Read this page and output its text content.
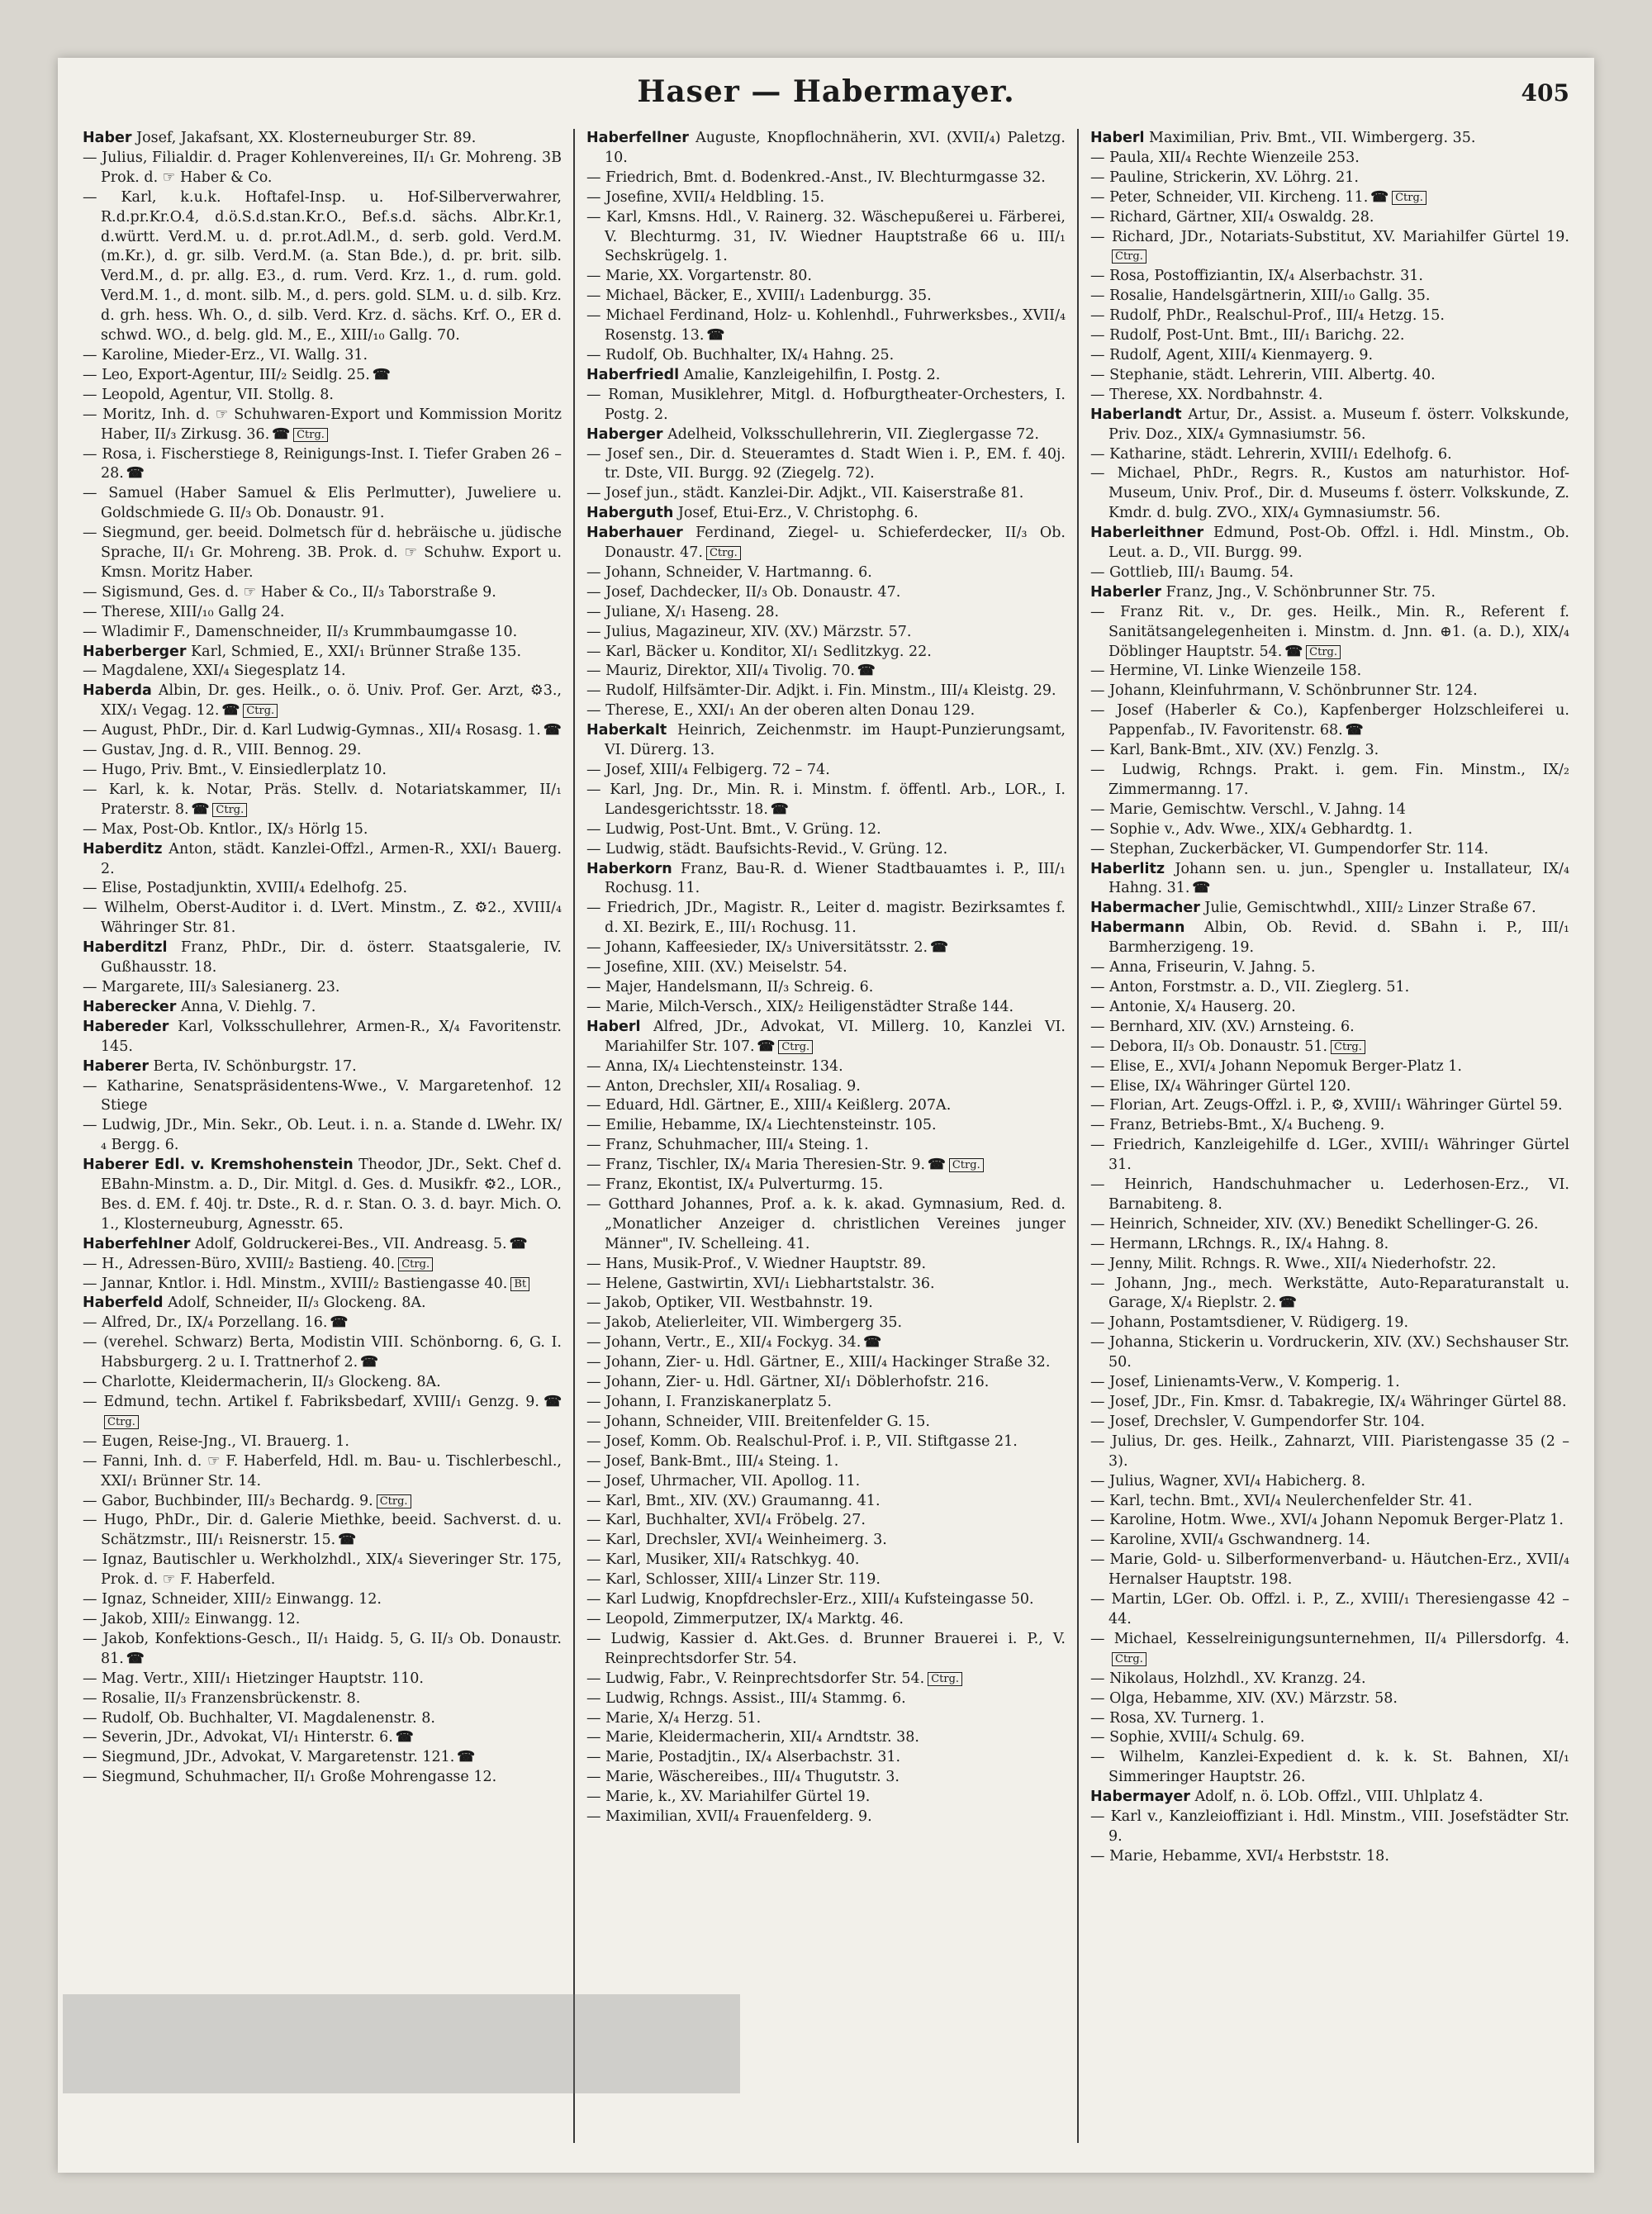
Haser — Habermayer.	405

Haber Josef, Jakafsant, XX. Klosterneuburger Str. 89.

— Julius, Filialdir. d. Prager Kohlenvereines, II/₁ Gr. Mohreng. 3B Prok. d. ☞ Haber & Co.

— Karl, k.u.k. Hoftafel-Insp. u. Hof-Silberverwahrer, R.d.pr.Kr.O.4, d.ö.S.d.stan.Kr.O., Bef.s.d. sächs. Albr.Kr.1, d.württ. Verd.M. u. d. pr.rot.Adl.M., d. serb. gold. Verd.M. (m.Kr.), d. gr. silb. Verd.M. (a. Stan Bde.), d. pr. brit. silb. Verd.M., d. pr. allg. E3., d. rum. Verd. Krz. 1., d. rum. gold. Verd.M. 1., d. mont. silb. M., d. pers. gold. SLM. u. d. silb. Krz. d. grh. hess. Wh. O., d. silb. Verd. Krz. d. sächs. Krf. O., ER d. schwd. WO., d. belg. gld. M., E., XIII/₁₀ Gallg. 70.

— Karoline, Mieder-Erz., VI. Wallg. 31.

— Leo, Export-Agentur, III/₂ Seidlg. 25. ☎

— Leopold, Agentur, VII. Stollg. 8.

— Moritz, Inh. d. ☞ Schuhwaren-Export und Kommission Moritz Haber, II/₃ Zirkusg. 36. ☎ Ctrg.

— Rosa, i. Fischerstiege 8, Reinigungs-Inst. I. Tiefer Graben 26 – 28. ☎

— Samuel (Haber Samuel & Elis Perlmutter), Juweliere u. Goldschmiede G. II/₃ Ob. Donaustr. 91.

— Siegmund, ger. beeid. Dolmetsch für d. hebräische u. jüdische Sprache, II/₁ Gr. Mohreng. 3B. Prok. d. ☞ Schuhw. Export u. Kmsn. Moritz Haber.

— Sigismund, Ges. d. ☞ Haber & Co., II/₃ Taborstraße 9.

— Therese, XIII/₁₀ Gallg 24.

— Wladimir F., Damenschneider, II/₃ Krummbaumgasse 10.

Haberberger Karl, Schmied, E., XXI/₁ Brünner Straße 135.

— Magdalene, XXI/₄ Siegesplatz 14.

Haberda Albin, Dr. ges. Heilk., o. ö. Univ. Prof. Ger. Arzt, ⚙3., XIX/₁ Vegag. 12. ☎ Ctrg.

— August, PhDr., Dir. d. Karl Ludwig-Gymnas., XII/₄ Rosasg. 1. ☎

— Gustav, Jng. d. R., VIII. Bennog. 29.

— Hugo, Priv. Bmt., V. Einsiedlerplatz 10.

— Karl, k. k. Notar, Präs. Stellv. d. Notariatskammer, II/₁ Praterstr. 8. ☎ Ctrg.

— Max, Post-Ob. Kntlor., IX/₃ Hörlg 15.

Haberditz Anton, städt. Kanzlei-Offzl., Armen-R., XXI/₁ Bauerg. 2.

— Elise, Postadjunktin, XVIII/₄ Edelhofg. 25.

— Wilhelm, Oberst-Auditor i. d. LVert. Minstm., Z. ⚙2., XVIII/₄ Währinger Str. 81.

Haberditzl Franz, PhDr., Dir. d. österr. Staatsgalerie, IV. Gußhausstr. 18.

— Margarete, III/₃ Salesianerg. 23.

Haberecker Anna, V. Diehlg. 7.

Habereder Karl, Volksschullehrer, Armen-R., X/₄ Favoritenstr. 145.

Haberer Berta, IV. Schönburgstr. 17.

— Katharine, Senatspräsidentens-Wwe., V. Margaretenhof. 12 Stiege

— Ludwig, JDr., Min. Sekr., Ob. Leut. i. n. a. Stande d. LWehr. IX/₄ Bergg. 6.

Haberer Edl. v. Kremshohenstein Theodor, JDr., Sekt. Chef d. EBahn-Minstm. a. D., Dir. Mitgl. d. Ges. d. Musikfr. ⚙2., LOR., Bes. d. EM. f. 40j. tr. Dste., R. d. r. Stan. O. 3. d. bayr. Mich. O. 1., Klosterneuburg, Agnesstr. 65.

Haberfehlner Adolf, Goldruckerei-Bes., VII. Andreasg. 5. ☎

— H., Adressen-Büro, XVIII/₂ Bastieng. 40. Ctrg.

— Jannar, Kntlor. i. Hdl. Minstm., XVIII/₂ Bastiengasse 40. Bt

Haberfeld Adolf, Schneider, II/₃ Glockeng. 8A.

— Alfred, Dr., IX/₄ Porzellang. 16. ☎

— (verehel. Schwarz) Berta, Modistin VIII. Schönborng. 6, G. I. Habsburgerg. 2 u. I. Trattnerhof 2. ☎

— Charlotte, Kleidermacherin, II/₃ Glockeng. 8A.

— Edmund, techn. Artikel f. Fabriksbedarf, XVIII/₁ Genzg. 9. ☎Ctrg.

— Eugen, Reise-Jng., VI. Brauerg. 1.

— Fanni, Inh. d. ☞ F. Haberfeld, Hdl. m. Bau- u. Tischlerbeschl., XXI/₁ Brünner Str. 14.

— Gabor, Buchbinder, III/₃ Bechardg. 9. Ctrg.

— Hugo, PhDr., Dir. d. Galerie Miethke, beeid. Sachverst. d. u. Schätzmstr., III/₁ Reisnerstr. 15. ☎

— Ignaz, Bautischler u. Werkholzhdl., XIX/₄ Sieveringer Str. 175, Prok. d. ☞ F. Haberfeld.

— Ignaz, Schneider, XIII/₂ Einwangg. 12.

— Jakob, XIII/₂ Einwangg. 12.

— Jakob, Konfektions-Gesch., II/₁ Haidg. 5, G. II/₃ Ob. Donaustr. 81. ☎

— Mag. Vertr., XIII/₁ Hietzinger Hauptstr. 110.

— Rosalie, II/₃ Franzensbrückenstr. 8.

— Rudolf, Ob. Buchhalter, VI. Magdalenenstr. 8.

— Severin, JDr., Advokat, VI/₁ Hinterstr. 6. ☎

— Siegmund, JDr., Advokat, V. Margaretenstr. 121. ☎

— Siegmund, Schuhmacher, II/₁ Große Mohrengasse 12.

Haberfellner Auguste, Knopflochnäherin, XVI. (XVII/₄) Paletzg. 10.

— Friedrich, Bmt. d. Bodenkred.-Anst., IV. Blechturmgasse 32.

— Josefine, XVII/₄ Heldbling. 15.

— Karl, Kmsns. Hdl., V. Rainerg. 32. Wäschepußerei u. Färberei, V. Blechturmg. 31, IV. Wiedner Hauptstraße 66 u. III/₁ Sechskrügelg. 1.

— Marie, XX. Vorgartenstr. 80.

— Michael, Bäcker, E., XVIII/₁ Ladenburgg. 35.

— Michael Ferdinand, Holz- u. Kohlenhdl., Fuhrwerksbes., XVII/₄ Rosenstg. 13. ☎

— Rudolf, Ob. Buchhalter, IX/₄ Hahng. 25.

Haberfriedl Amalie, Kanzleigehilfin, I. Postg. 2.

— Roman, Musiklehrer, Mitgl. d. Hofburgtheater-Orchesters, I. Postg. 2.

Haberger Adelheid, Volksschullehrerin, VII. Zieglergasse 72.

— Josef sen., Dir. d. Steueramtes d. Stadt Wien i. P., EM. f. 40j. tr. Dste, VII. Burgg. 92 (Ziegelg. 72).

— Josef jun., städt. Kanzlei-Dir. Adjkt., VII. Kaiserstraße 81.

Haberguth Josef, Etui-Erz., V. Christophg. 6.

Haberhauer Ferdinand, Ziegel- u. Schieferdecker, II/₃ Ob. Donaustr. 47. Ctrg.

— Johann, Schneider, V. Hartmanng. 6.

— Josef, Dachdecker, II/₃ Ob. Donaustr. 47.

— Juliane, X/₁ Haseng. 28.

— Julius, Magazineur, XIV. (XV.) Märzstr. 57.

— Karl, Bäcker u. Konditor, XI/₁ Sedlitzkyg. 22.

— Mauriz, Direktor, XII/₄ Tivolig. 70. ☎

— Rudolf, Hilfsämter-Dir. Adjkt. i. Fin. Minstm., III/₄ Kleistg. 29.

— Therese, E., XXI/₁ An der oberen alten Donau 129.

Haberkalt Heinrich, Zeichenmstr. im Haupt-Punzierungsamt, VI. Dürerg. 13.

— Josef, XIII/₄ Felbigerg. 72 – 74.

— Karl, Jng. Dr., Min. R. i. Minstm. f. öffentl. Arb., LOR., I. Landesgerichtsstr. 18. ☎

— Ludwig, Post-Unt. Bmt., V. Grüng. 12.

— Ludwig, städt. Baufsichts-Revid., V. Grüng. 12.

Haberkorn Franz, Bau-R. d. Wiener Stadtbauamtes i. P., III/₁ Rochusg. 11.

— Friedrich, JDr., Magistr. R., Leiter d. magistr. Bezirksamtes f. d. XI. Bezirk, E., III/₁ Rochusg. 11.

— Johann, Kaffeesieder, IX/₃ Universitätsstr. 2. ☎

— Josefine, XIII. (XV.) Meiselstr. 54.

— Majer, Handelsmann, II/₃ Schreig. 6.

— Marie, Milch-Versch., XIX/₂ Heiligenstädter Straße 144.

Haberl Alfred, JDr., Advokat, VI. Millerg. 10, Kanzlei VI. Mariahilfer Str. 107. ☎ Ctrg.

— Anna, IX/₄ Liechtensteinstr. 134.

— Anton, Drechsler, XII/₄ Rosaliag. 9.

— Eduard, Hdl. Gärtner, E., XIII/₄ Keißlerg. 207A.

— Emilie, Hebamme, IX/₄ Liechtensteinstr. 105.

— Franz, Schuhmacher, III/₄ Steing. 1.

— Franz, Tischler, IX/₄ Maria Theresien-Str. 9. ☎ Ctrg.

— Franz, Ekontist, IX/₄ Pulverturmg. 15.

— Gotthard Johannes, Prof. a. k. k. akad. Gymnasium, Red. d. „Monatlicher Anzeiger d. christlichen Vereines junger Männer", IV. Schelleing. 41.

— Hans, Musik-Prof., V. Wiedner Hauptstr. 89.

— Helene, Gastwirtin, XVI/₁ Liebhartstalstr. 36.

— Jakob, Optiker, VII. Westbahnstr. 19.

— Jakob, Atelierleiter, VII. Wimbergerg 35.

— Johann, Vertr., E., XII/₄ Fockyg. 34. ☎

— Johann, Zier- u. Hdl. Gärtner, E., XIII/₄ Hackinger Straße 32.

— Johann, Zier- u. Hdl. Gärtner, XI/₁ Döblerhofstr. 216.

— Johann, I. Franziskanerplatz 5.

— Johann, Schneider, VIII. Breitenfelder G. 15.

— Josef, Komm. Ob. Realschul-Prof. i. P., VII. Stiftgasse 21.

— Josef, Bank-Bmt., III/₄ Steing. 1.

— Josef, Uhrmacher, VII. Apollog. 11.

— Karl, Bmt., XIV. (XV.) Graumanng. 41.

— Karl, Buchhalter, XVI/₄ Fröbelg. 27.

— Karl, Drechsler, XVI/₄ Weinheimerg. 3.

— Karl, Musiker, XII/₄ Ratschkyg. 40.

— Karl, Schlosser, XIII/₄ Linzer Str. 119.

— Karl Ludwig, Knopfdrechsler-Erz., XIII/₄ Kufsteingasse 50.

— Leopold, Zimmerputzer, IX/₄ Marktg. 46.

— Ludwig, Kassier d. Akt.Ges. d. Brunner Brauerei i. P., V. Reinprechtsdorfer Str. 54.

— Ludwig, Fabr., V. Reinprechtsdorfer Str. 54. Ctrg.

— Ludwig, Rchngs. Assist., III/₄ Stammg. 6.

— Marie, X/₄ Herzg. 51.

— Marie, Kleidermacherin, XII/₄ Arndtstr. 38.

— Marie, Postadjtin., IX/₄ Alserbachstr. 31.

— Marie, Wäschereibes., III/₄ Thugutstr. 3.

— Marie, k., XV. Mariahilfer Gürtel 19.

— Maximilian, XVII/₄ Frauenfelderg. 9.

Haberl Maximilian, Priv. Bmt., VII. Wimbergerg. 35.

— Paula, XII/₄ Rechte Wienzeile 253.

— Pauline, Strickerin, XV. Löhrg. 21.

— Peter, Schneider, VII. Kircheng. 11. ☎ Ctrg.

— Richard, Gärtner, XII/₄ Oswaldg. 28.

— Richard, JDr., Notariats-Substitut, XV. Mariahilfer Gürtel 19.Ctrg.

— Rosa, Postoffiziantin, IX/₄ Alserbachstr. 31.

— Rosalie, Handelsgärtnerin, XIII/₁₀ Gallg. 35.

— Rudolf, PhDr., Realschul-Prof., III/₄ Hetzg. 15.

— Rudolf, Post-Unt. Bmt., III/₁ Barichg. 22.

— Rudolf, Agent, XIII/₄ Kienmayerg. 9.

— Stephanie, städt. Lehrerin, VIII. Albertg. 40.

— Therese, XX. Nordbahnstr. 4.

Haberlandt Artur, Dr., Assist. a. Museum f. österr. Volkskunde, Priv. Doz., XIX/₄ Gymnasiumstr. 56.

— Katharine, städt. Lehrerin, XVIII/₁ Edelhofg. 6.

— Michael, PhDr., Regrs. R., Kustos am naturhistor. Hof-Museum, Univ. Prof., Dir. d. Museums f. österr. Volkskunde, Z. Kmdr. d. bulg. ZVO., XIX/₄ Gymnasiumstr. 56.

Haberleithner Edmund, Post-Ob. Offzl. i. Hdl. Minstm., Ob. Leut. a. D., VII. Burgg. 99.

— Gottlieb, III/₁ Baumg. 54.

Haberler Franz, Jng., V. Schönbrunner Str. 75.

— Franz Rit. v., Dr. ges. Heilk., Min. R., Referent f. Sanitätsangelegenheiten i. Minstm. d. Jnn. ⊕1. (a. D.), XIX/₄ Döblinger Hauptstr. 54. ☎ Ctrg.

— Hermine, VI. Linke Wienzeile 158.

— Johann, Kleinfuhrmann, V. Schönbrunner Str. 124.

— Josef (Haberler & Co.), Kapfenberger Holzschleiferei u. Pappenfab., IV. Favoritenstr. 68. ☎

— Karl, Bank-Bmt., XIV. (XV.) Fenzlg. 3.

— Ludwig, Rchngs. Prakt. i. gem. Fin. Minstm., IX/₂ Zimmermanng. 17.

— Marie, Gemischtw. Verschl., V. Jahng. 14

— Sophie v., Adv. Wwe., XIX/₄ Gebhardtg. 1.

— Stephan, Zuckerbäcker, VI. Gumpendorfer Str. 114.

Haberlitz Johann sen. u. jun., Spengler u. Installateur, IX/₄ Hahng. 31. ☎

Habermacher Julie, Gemischtwhdl., XIII/₂ Linzer Straße 67.

Habermann Albin, Ob. Revid. d. SBahn i. P., III/₁ Barmherzigeng. 19.

— Anna, Friseurin, V. Jahng. 5.

— Anton, Forstmstr. a. D., VII. Zieglerg. 51.

— Antonie, X/₄ Hauserg. 20.

— Bernhard, XIV. (XV.) Arnsteing. 6.

— Debora, II/₃ Ob. Donaustr. 51. Ctrg.

— Elise, E., XVI/₄ Johann Nepomuk Berger-Platz 1.

— Elise, IX/₄ Währinger Gürtel 120.

— Florian, Art. Zeugs-Offzl. i. P., ⚙, XVIII/₁ Währinger Gürtel 59.

— Franz, Betriebs-Bmt., X/₄ Bucheng. 9.

— Friedrich, Kanzleigehilfe d. LGer., XVIII/₁ Währinger Gürtel 31.

— Heinrich, Handschuhmacher u. Lederhosen-Erz., VI. Barnabiteng. 8.

— Heinrich, Schneider, XIV. (XV.) Benedikt Schellinger-G. 26.

— Hermann, LRchngs. R., IX/₄ Hahng. 8.

— Jenny, Milit. Rchngs. R. Wwe., XII/₄ Niederhofstr. 22.

— Johann, Jng., mech. Werkstätte, Auto-Reparaturanstalt u. Garage, X/₄ Rieplstr. 2. ☎

— Johann, Postamtsdiener, V. Rüdigerg. 19.

— Johanna, Stickerin u. Vordruckerin, XIV. (XV.) Sechshauser Str. 50.

— Josef, Linienamts-Verw., V. Komperig. 1.

— Josef, JDr., Fin. Kmsr. d. Tabakregie, IX/₄ Währinger Gürtel 88.

— Josef, Drechsler, V. Gumpendorfer Str. 104.

— Julius, Dr. ges. Heilk., Zahnarzt, VIII. Piaristengasse 35 (2 – 3).

— Julius, Wagner, XVI/₄ Habicherg. 8.

— Karl, techn. Bmt., XVI/₄ Neulerchenfelder Str. 41.

— Karoline, Hotm. Wwe., XVI/₄ Johann Nepomuk Berger-Platz 1.

— Karoline, XVII/₄ Gschwandnerg. 14.

— Marie, Gold- u. Silberformenverband- u. Häutchen-Erz., XVII/₄ Hernalser Hauptstr. 198.

— Martin, LGer. Ob. Offzl. i. P., Z., XVIII/₁ Theresiengasse 42 – 44.

— Michael, Kesselreinigungsunternehmen, II/₄ Pillersdorfg. 4.Ctrg.

— Nikolaus, Holzhdl., XV. Kranzg. 24.

— Olga, Hebamme, XIV. (XV.) Märzstr. 58.

— Rosa, XV. Turnerg. 1.

— Sophie, XVIII/₄ Schulg. 69.

— Wilhelm, Kanzlei-Expedient d. k. k. St. Bahnen, XI/₁ Simmeringer Hauptstr. 26.

Habermayer Adolf, n. ö. LOb. Offzl., VIII. Uhlplatz 4.

— Karl v., Kanzleioffiziant i. Hdl. Minstm., VIII. Josefstädter Str. 9.

— Marie, Hebamme, XVI/₄ Herbststr. 18.
